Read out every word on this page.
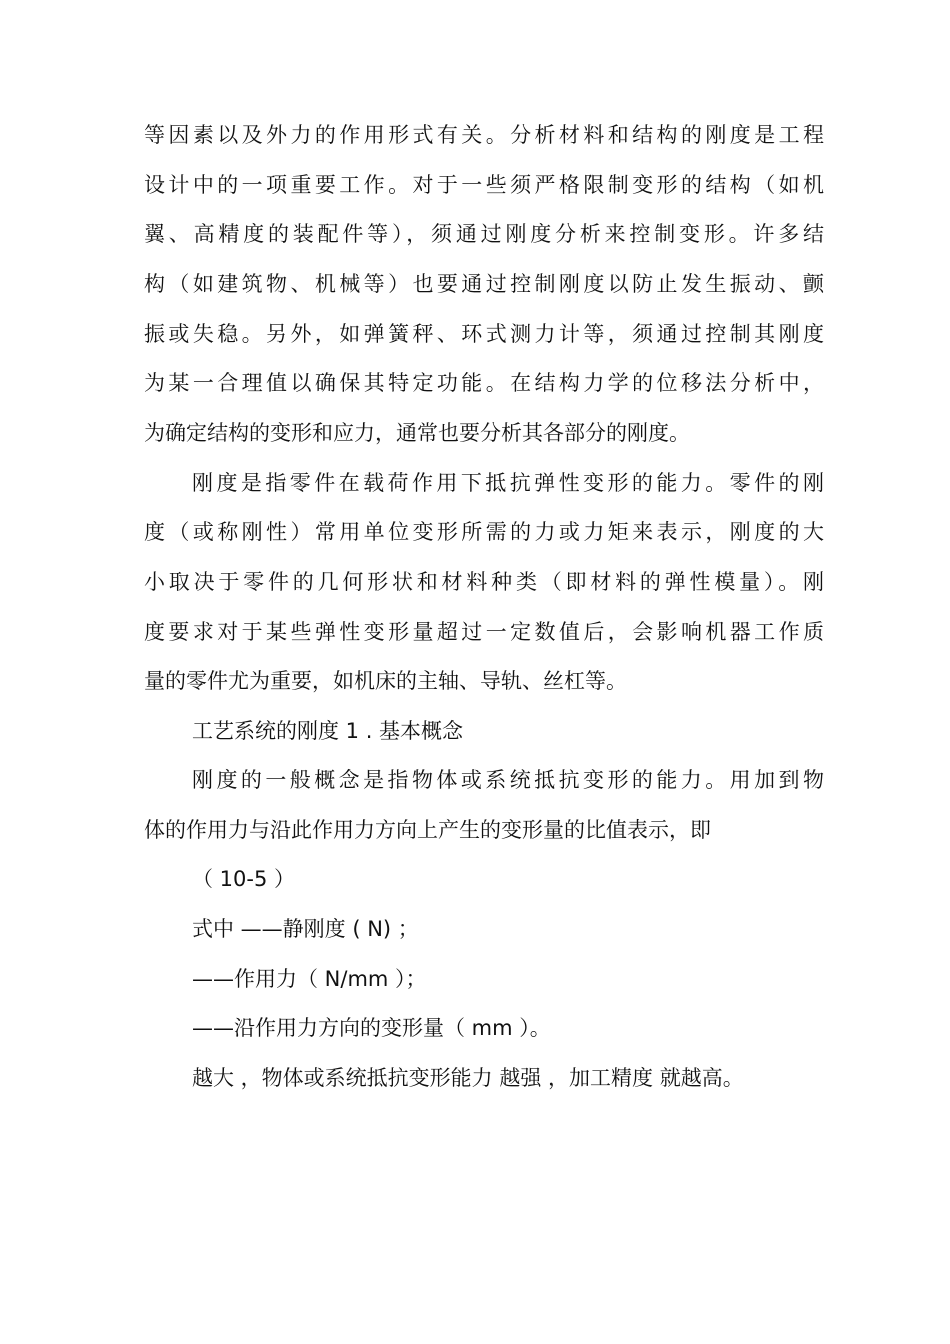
等因素以及外力的作用形式有关。分析材料和结构的刚度是工程
设计中的一项重要工作。对于一些须严格限制变形的结构（如机
翼、高精度的装配件等），须通过刚度分析来控制变形。许多结
构（如建筑物、机械等）也要通过控制刚度以防止发生振动、颤
振或失稳。另外，如弹簧秤、环式测力计等，须通过控制其刚度
为某一合理值以确保其特定功能。在结构力学的位移法分析中，
为确定结构的变形和应力，通常也要分析其各部分的刚度。
刚度是指零件在载荷作用下抵抗弹性变形的能力。零件的刚
度（或称刚性）常用单位变形所需的力或力矩来表示，刚度的大
小取决于零件的几何形状和材料种类（即材料的弹性模量）。刚
度要求对于某些弹性变形量超过一定数值后，会影响机器工作质
量的零件尤为重要，如机床的主轴、导轨、丝杠等。
工艺系统的刚度 1 . 基本概念
刚度的一般概念是指物体或系统抵抗变形的能力。用加到物
体的作用力与沿此作用力方向上产生的变形量的比值表示，即
（ 10-5 ）
式中 ——静刚度 ( N) ；
——作用力（ N/mm ）；
——沿作用力方向的变形量（ mm ）。
越大 ，物体或系统抵抗变形能力 越强 ，加工精度 就越高。
